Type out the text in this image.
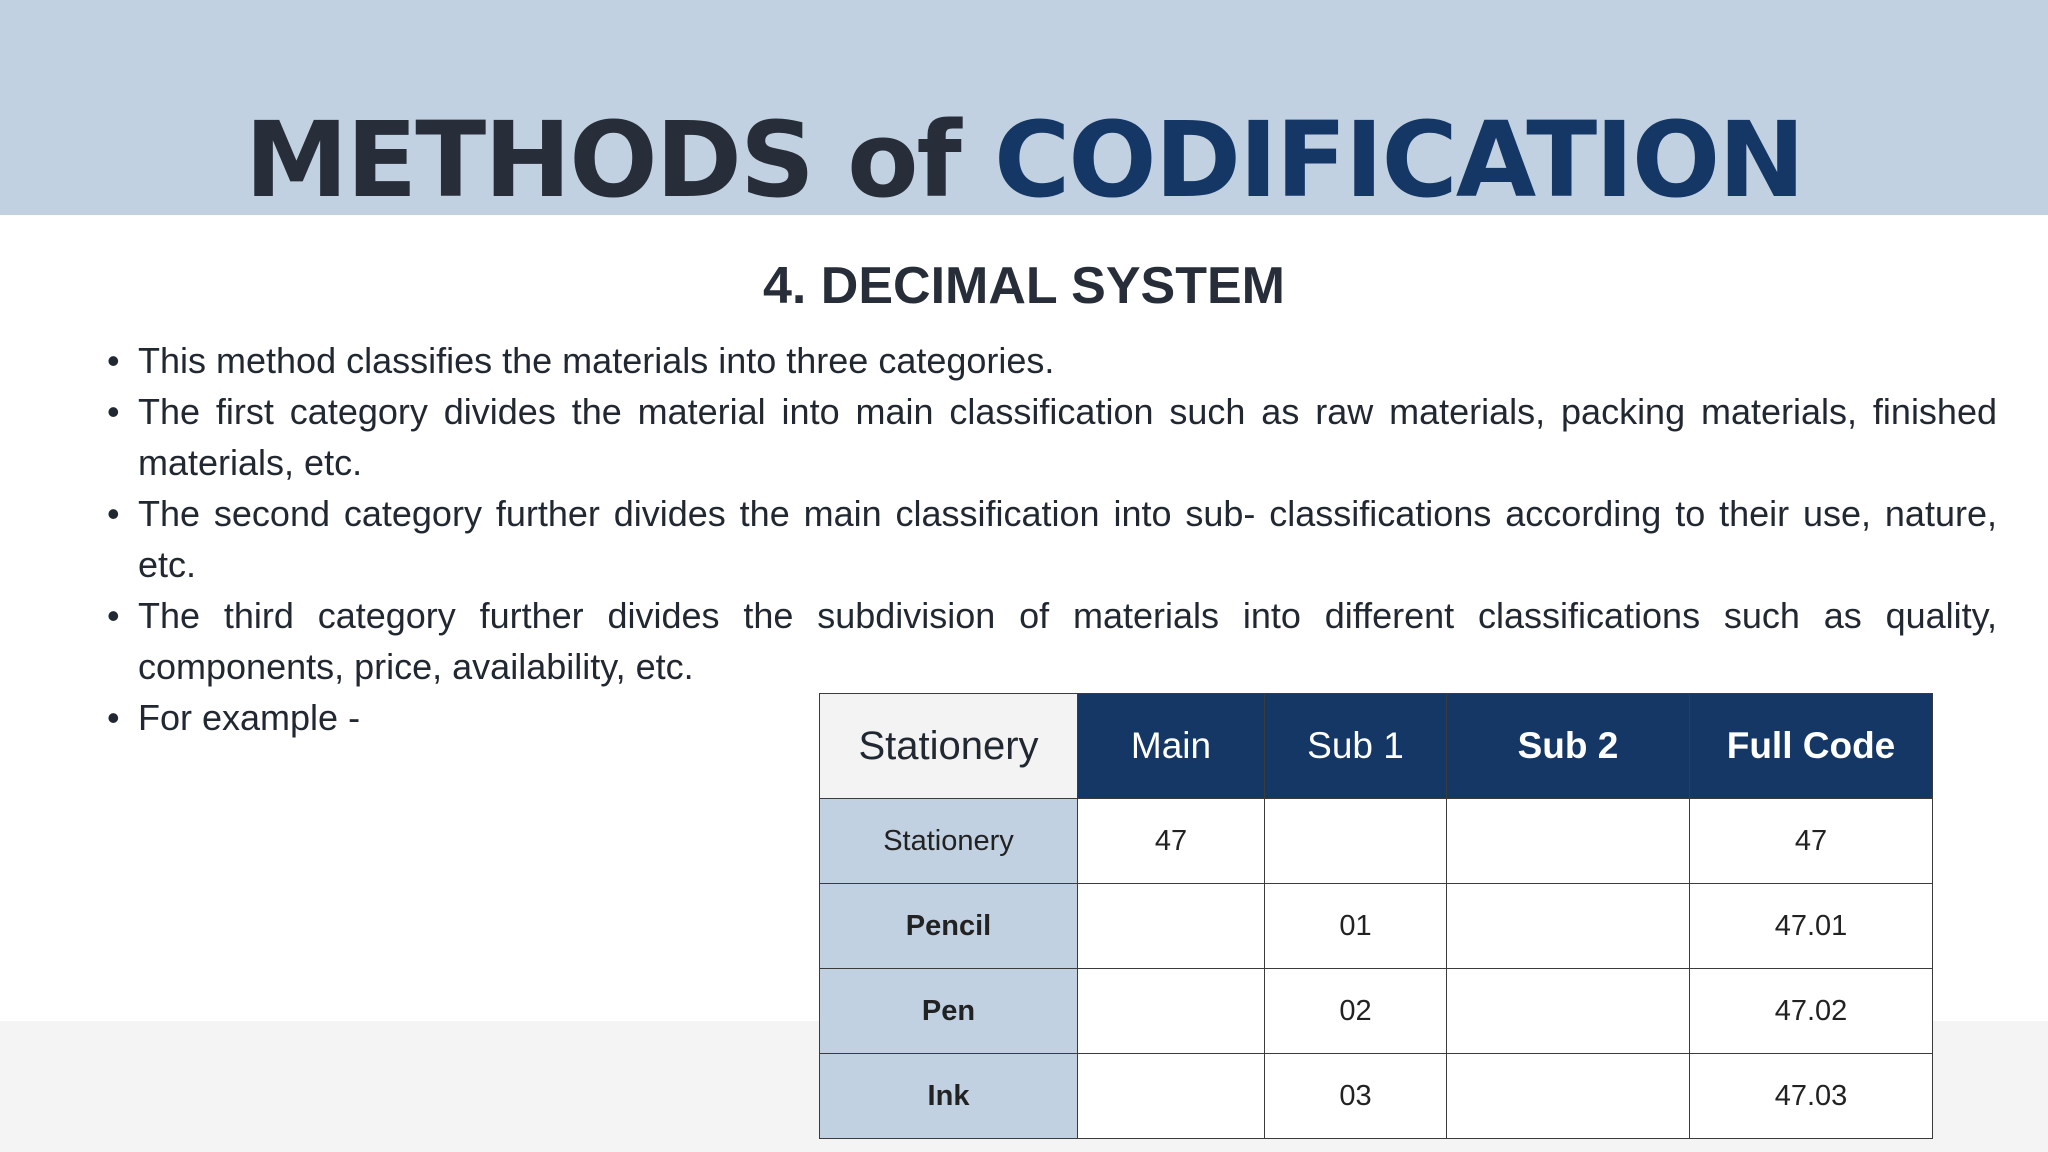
METHODS of CODIFICATION
4. DECIMAL SYSTEM
• This method classifies the materials into three categories.
• The first category divides the material into main classification such as raw materials, packing materials, finished materials, etc.
• The second category further divides the main classification into sub- classifications according to their use, nature, etc.
• The third category further divides the subdivision of materials into different classifications such as quality, components, price, availability, etc.
• For example -
Stationery	Main	Sub 1	Sub 2	Full Code
Stationery	47			47
Pencil		01		47.01
Pen		02		47.02
Ink		03		47.03
